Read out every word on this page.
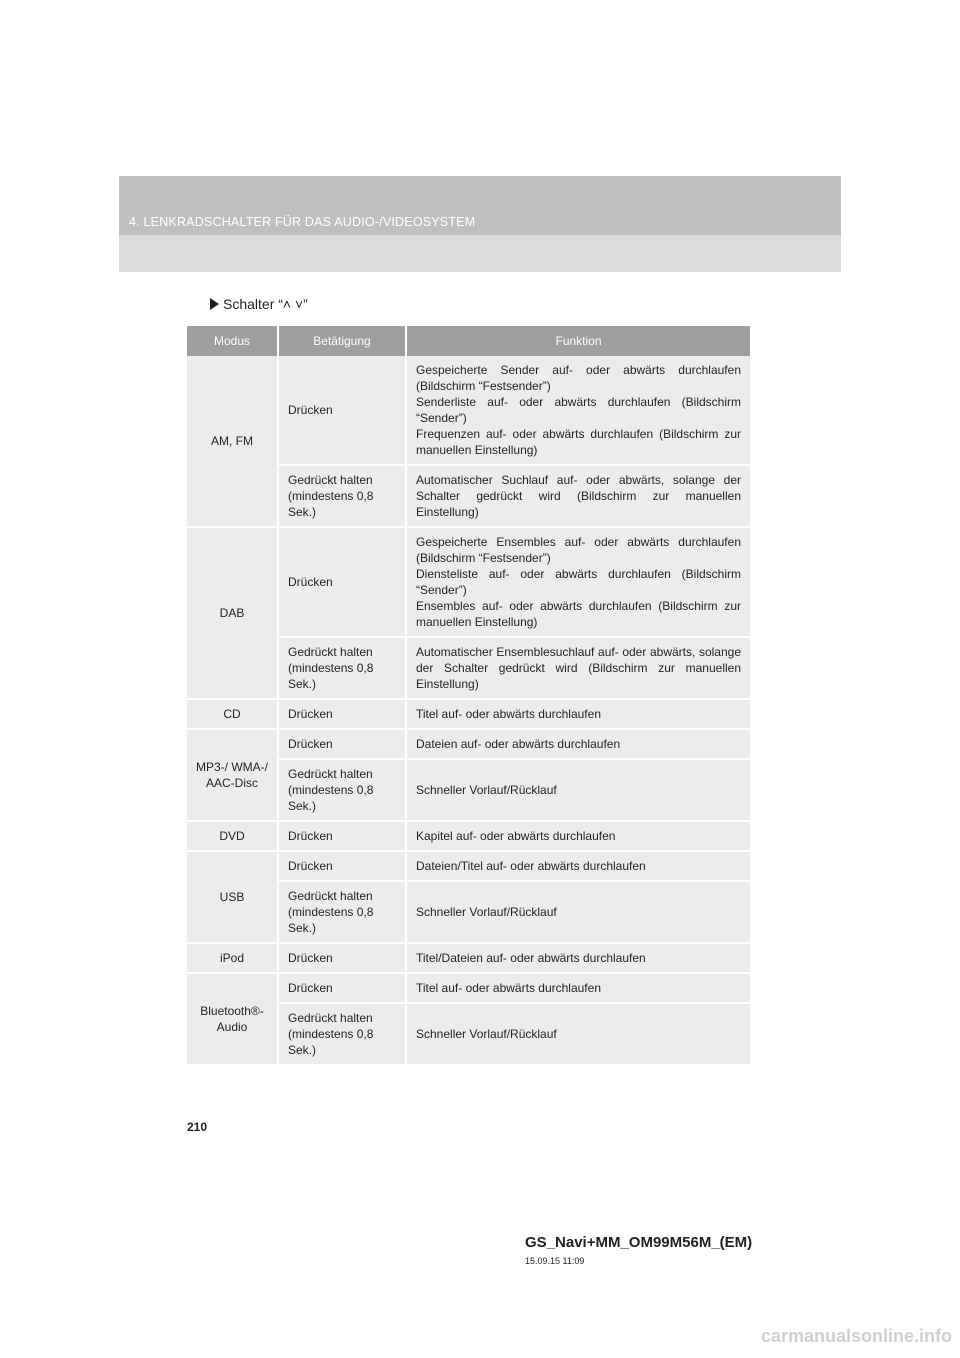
4. LENKRADSCHALTER FÜR DAS AUDIO-/VIDEOSYSTEM
Schalter “˄ ˅”
Modus	Betätigung	Funktion
AM, FM	Drücken	Gespeicherte Sender auf- oder abwärts durchlaufen (Bildschirm “Festsender”)
Senderliste auf- oder abwärts durchlaufen (Bildschirm “Sender”)
Frequenzen auf- oder abwärts durchlaufen (Bildschirm zur manuellen Einstellung)

	Gedrückt halten (mindestens 0,8 Sek.)	Automatischer Suchlauf auf- oder abwärts, solange der Schalter gedrückt wird (Bildschirm zur manuellen Einstellung)

DAB	Drücken	Gespeicherte Ensembles auf- oder abwärts durchlaufen (Bildschirm “Festsender”)
Diensteliste auf- oder abwärts durchlaufen (Bildschirm “Sender”)
Ensembles auf- oder abwärts durchlaufen (Bildschirm zur manuellen Einstellung)

	Gedrückt halten (mindestens 0,8 Sek.)	Automatischer Ensemblesuchlauf auf- oder abwärts, solange der Schalter gedrückt wird (Bildschirm zur manuellen Einstellung)

CD	Drücken	Titel auf- oder abwärts durchlaufen

MP3-/ WMA-/ AAC-Disc	Drücken	Dateien auf- oder abwärts durchlaufen

	Gedrückt halten (mindestens 0,8 Sek.)	Schneller Vorlauf/Rücklauf

DVD	Drücken	Kapitel auf- oder abwärts durchlaufen

USB	Drücken	Dateien/Titel auf- oder abwärts durchlaufen

	Gedrückt halten (mindestens 0,8 Sek.)	Schneller Vorlauf/Rücklauf

iPod	Drücken	Titel/Dateien auf- oder abwärts durchlaufen

Bluetooth®- Audio	Drücken	Titel auf- oder abwärts durchlaufen

	Gedrückt halten (mindestens 0,8 Sek.)	Schneller Vorlauf/Rücklauf
210
GS_Navi+MM_OM99M56M_(EM)
15.09.15 11:09
carmanualsonline.info
